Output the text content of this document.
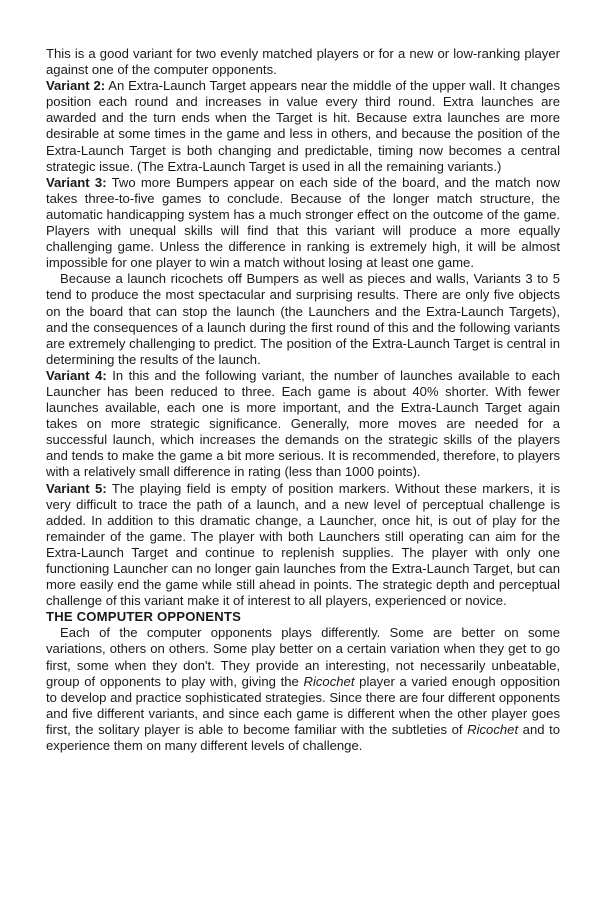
This is a good variant for two evenly matched players or for a new or low-ranking player against one of the computer opponents.

Variant 2: An Extra-Launch Target appears near the middle of the upper wall. It changes position each round and increases in value every third round. Extra launches are awarded and the turn ends when the Target is hit. Because extra launches are more desirable at some times in the game and less in others, and because the position of the Extra-Launch Target is both changing and predictable, timing now becomes a central strategic issue. (The Extra-Launch Target is used in all the remaining variants.)

Variant 3: Two more Bumpers appear on each side of the board, and the match now takes three-to-five games to conclude. Because of the longer match structure, the automatic handicapping system has a much stronger effect on the outcome of the game. Players with unequal skills will find that this variant will produce a more equally challenging game. Unless the difference in ranking is extremely high, it will be almost impossible for one player to win a match without losing at least one game.

Because a launch ricochets off Bumpers as well as pieces and walls, Variants 3 to 5 tend to produce the most spectacular and surprising results. There are only five objects on the board that can stop the launch (the Launchers and the Extra-Launch Targets), and the consequences of a launch during the first round of this and the following variants are extremely challenging to predict. The position of the Extra-Launch Target is central in determining the results of the launch.

Variant 4: In this and the following variant, the number of launches available to each Launcher has been reduced to three. Each game is about 40% shorter. With fewer launches available, each one is more important, and the Extra-Launch Target again takes on more strategic significance. Generally, more moves are needed for a successful launch, which increases the demands on the strategic skills of the players and tends to make the game a bit more serious. It is recommended, therefore, to players with a relatively small difference in rating (less than 1000 points).

Variant 5: The playing field is empty of position markers. Without these markers, it is very difficult to trace the path of a launch, and a new level of perceptual challenge is added. In addition to this dramatic change, a Launcher, once hit, is out of play for the remainder of the game. The player with both Launchers still operating can aim for the Extra-Launch Target and continue to replenish supplies. The player with only one functioning Launcher can no longer gain launches from the Extra-Launch Target, but can more easily end the game while still ahead in points. The strategic depth and perceptual challenge of this variant make it of interest to all players, experienced or novice.

THE COMPUTER OPPONENTS

Each of the computer opponents plays differently. Some are better on some variations, others on others. Some play better on a certain variation when they get to go first, some when they don't. They provide an interesting, not necessarily unbeatable, group of opponents to play with, giving the Ricochet player a varied enough opposition to develop and practice sophisticated strategies. Since there are four different opponents and five different variants, and since each game is different when the other player goes first, the solitary player is able to become familiar with the subtleties of Ricochet and to experience them on many different levels of challenge.
